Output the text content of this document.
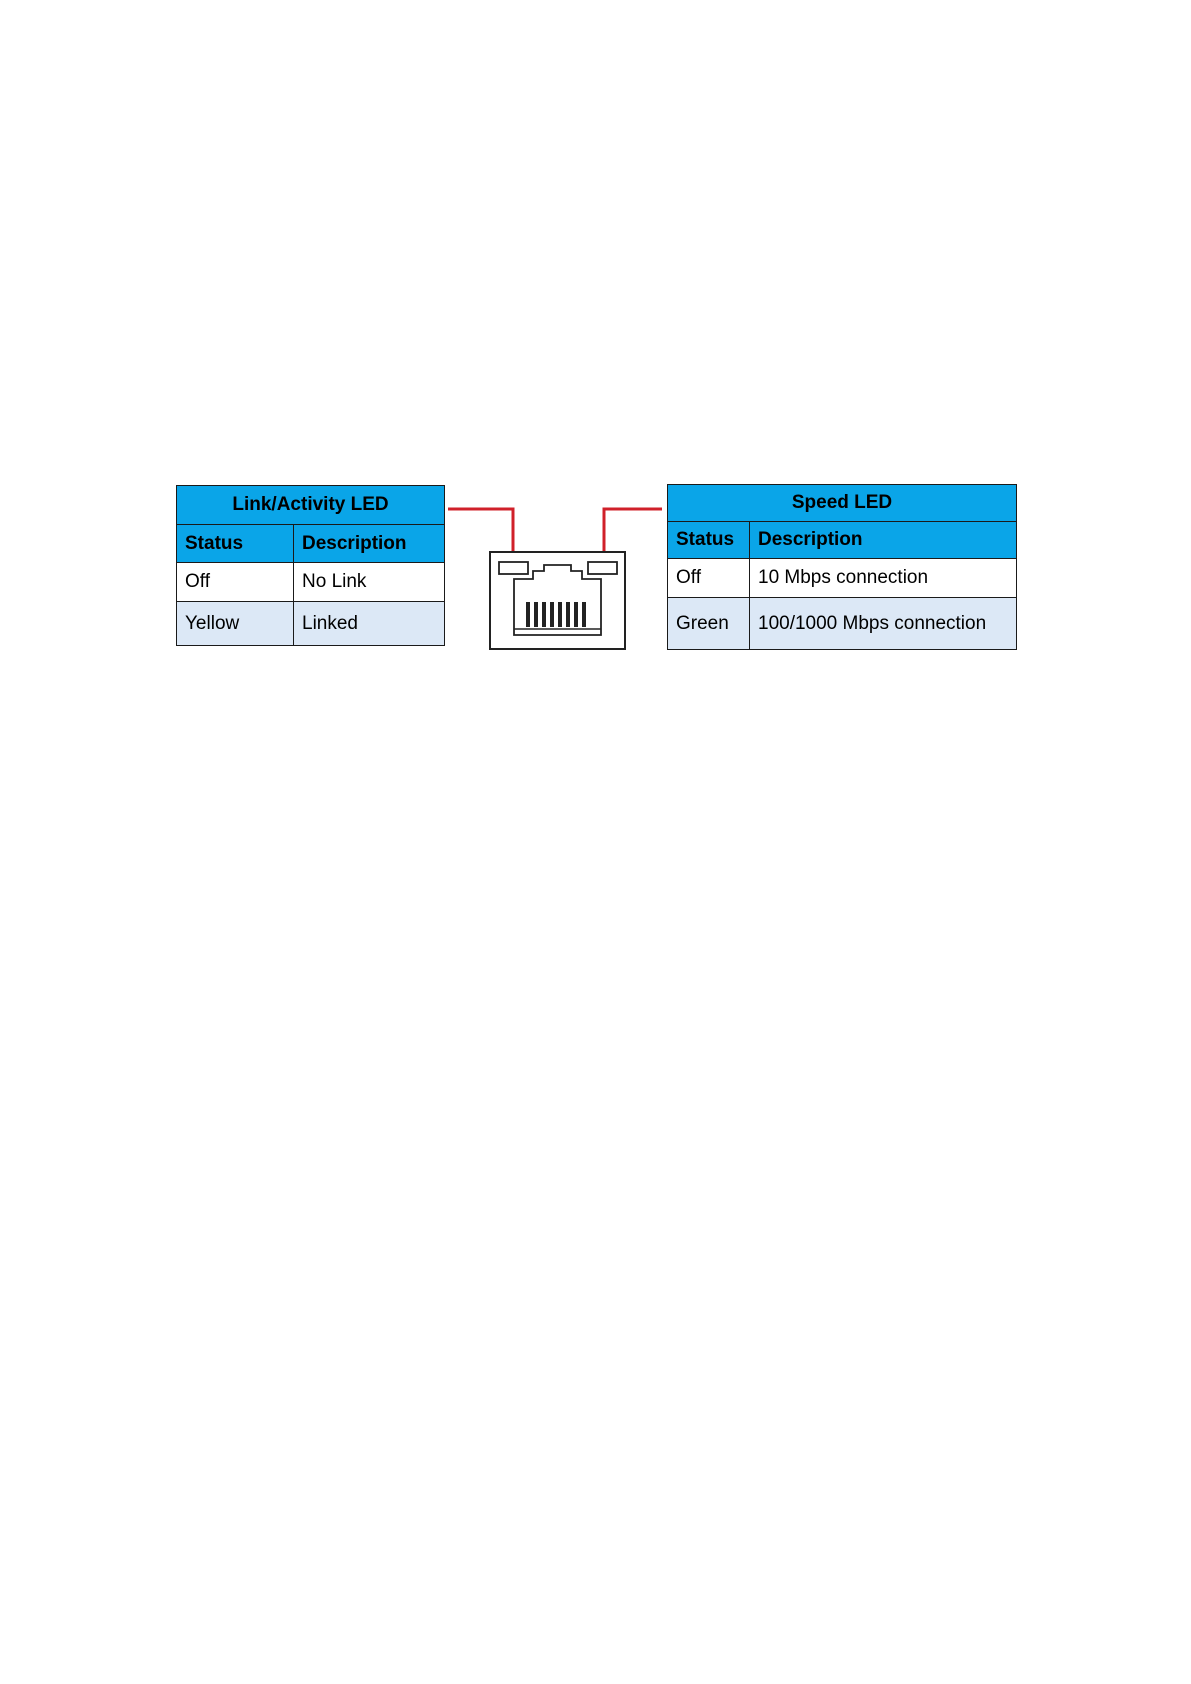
Link/Activity LED	
Status	Description
Off	No Link
Yellow	Linked
Speed LED	
Status	Description
Off	10 Mbps connection
Green	100/1000 Mbps connection
